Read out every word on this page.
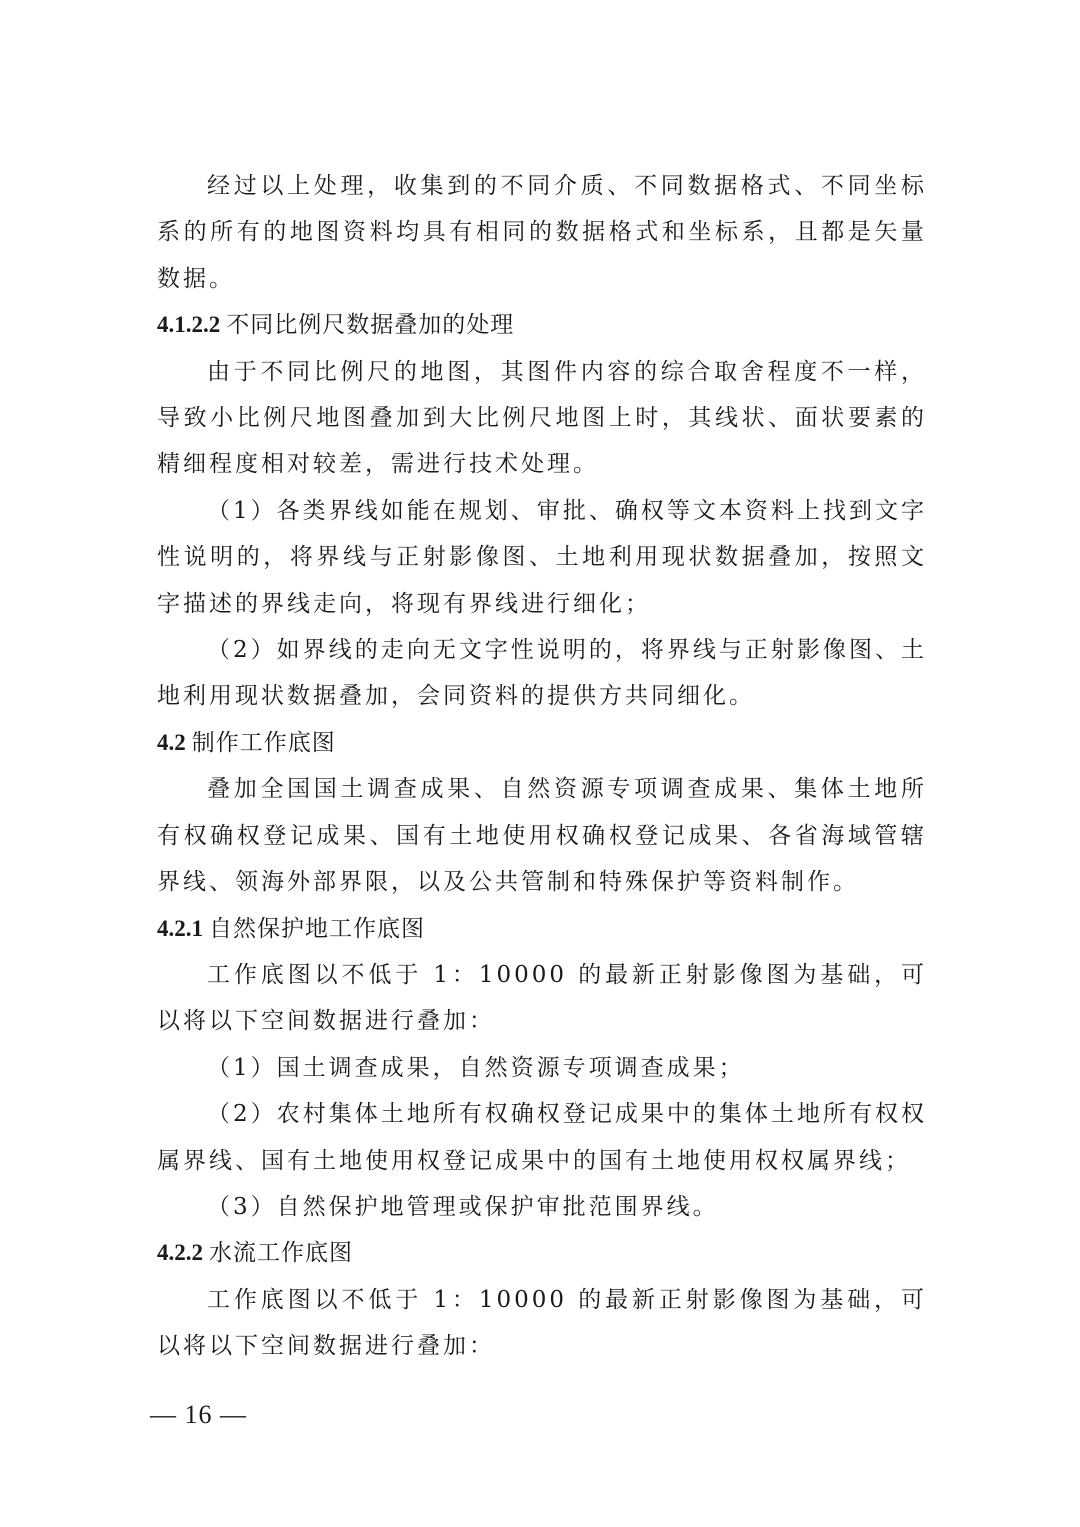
经过以上处理，收集到的不同介质、不同数据格式、不同坐标系的所有的地图资料均具有相同的数据格式和坐标系，且都是矢量数据。

4.1.2.2 不同比例尺数据叠加的处理

由于不同比例尺的地图，其图件内容的综合取舍程度不一样，导致小比例尺地图叠加到大比例尺地图上时，其线状、面状要素的精细程度相对较差，需进行技术处理。

（1）各类界线如能在规划、审批、确权等文本资料上找到文字性说明的，将界线与正射影像图、土地利用现状数据叠加，按照文字描述的界线走向，将现有界线进行细化；

（2）如界线的走向无文字性说明的，将界线与正射影像图、土地利用现状数据叠加，会同资料的提供方共同细化。

4.2 制作工作底图

叠加全国国土调查成果、自然资源专项调查成果、集体土地所有权确权登记成果、国有土地使用权确权登记成果、各省海域管辖界线、领海外部界限，以及公共管制和特殊保护等资料制作。

4.2.1 自然保护地工作底图

工作底图以不低于 1：10000 的最新正射影像图为基础，可以将以下空间数据进行叠加：

（1）国土调查成果，自然资源专项调查成果；

（2）农村集体土地所有权确权登记成果中的集体土地所有权权属界线、国有土地使用权登记成果中的国有土地使用权权属界线；

（3）自然保护地管理或保护审批范围界线。

4.2.2 水流工作底图

工作底图以不低于 1：10000 的最新正射影像图为基础，可以将以下空间数据进行叠加：

— 16 —
